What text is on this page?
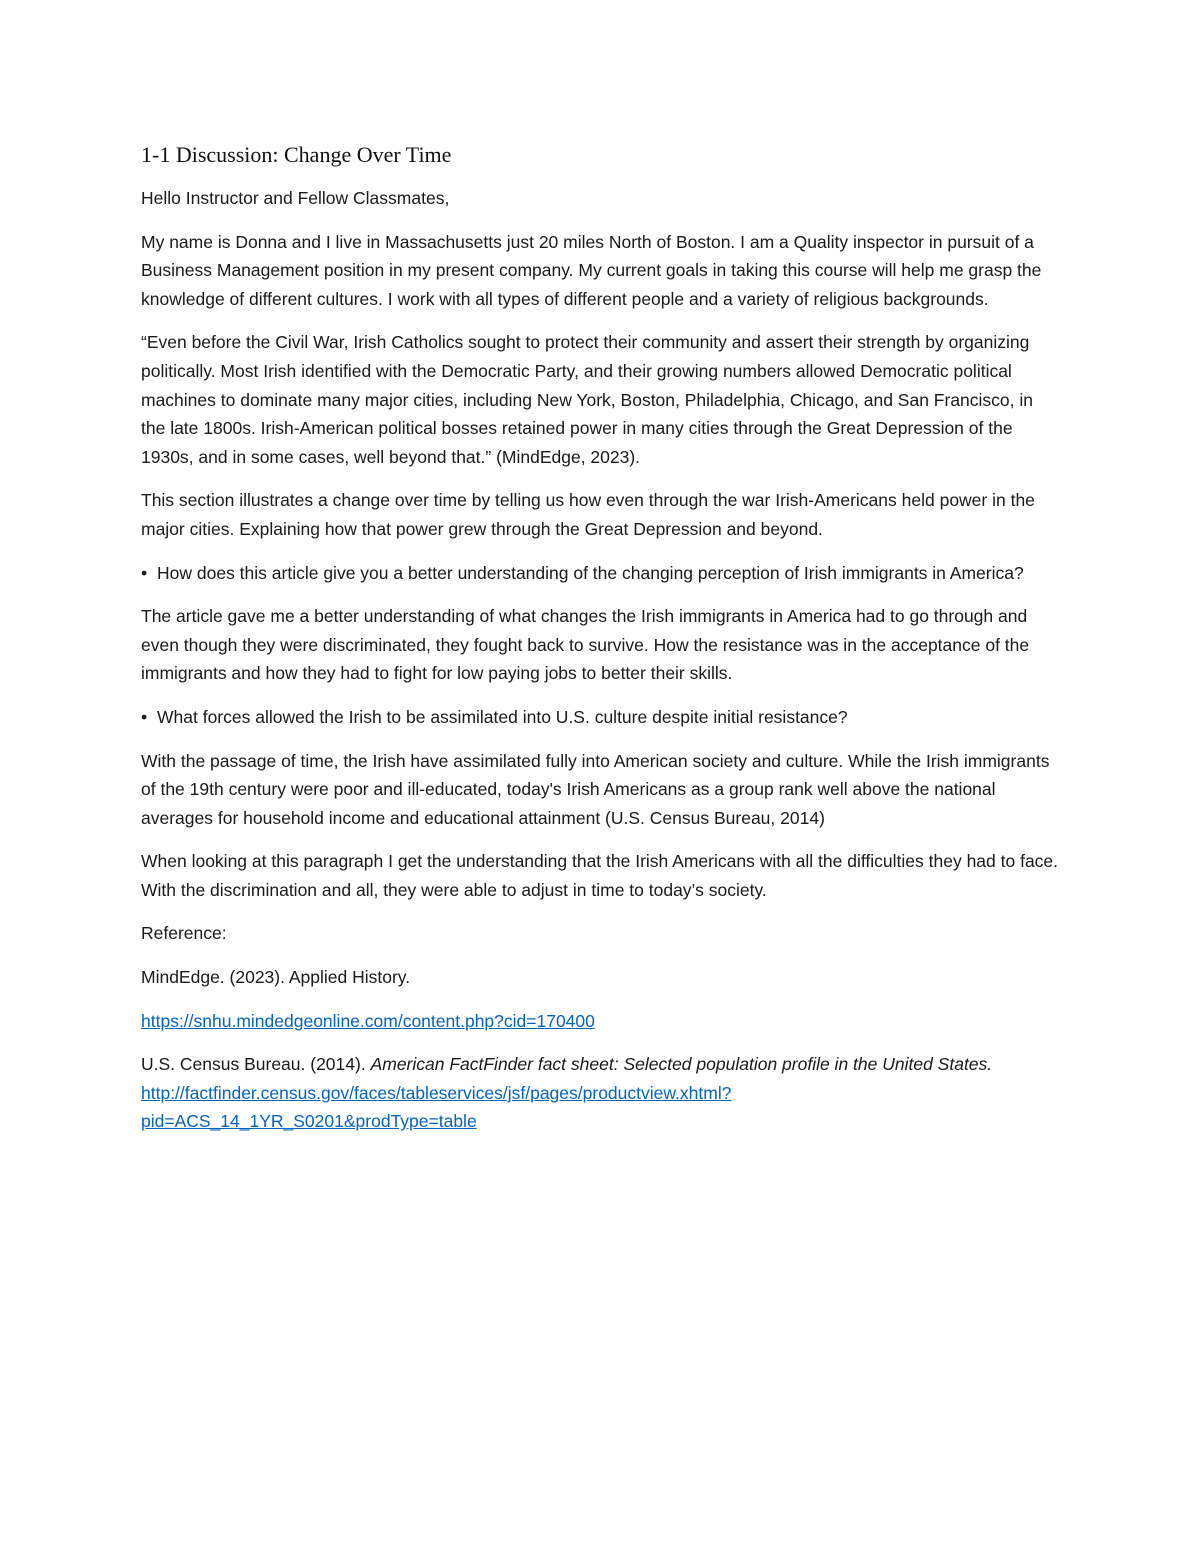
1-1 Discussion: Change Over Time

Hello Instructor and Fellow Classmates,

My name is Donna and I live in Massachusetts just 20 miles North of Boston. I am a Quality inspector in pursuit of a Business Management position in my present company. My current goals in taking this course will help me grasp the knowledge of different cultures. I work with all types of different people and a variety of religious backgrounds.

“Even before the Civil War, Irish Catholics sought to protect their community and assert their strength by organizing politically. Most Irish identified with the Democratic Party, and their growing numbers allowed Democratic political machines to dominate many major cities, including New York, Boston, Philadelphia, Chicago, and San Francisco, in the late 1800s. Irish-American political bosses retained power in many cities through the Great Depression of the 1930s, and in some cases, well beyond that.” (MindEdge, 2023).

This section illustrates a change over time by telling us how even through the war Irish-Americans held power in the major cities. Explaining how that power grew through the Great Depression and beyond.

• How does this article give you a better understanding of the changing perception of Irish immigrants in America?

The article gave me a better understanding of what changes the Irish immigrants in America had to go through and even though they were discriminated, they fought back to survive. How the resistance was in the acceptance of the immigrants and how they had to fight for low paying jobs to better their skills.

• What forces allowed the Irish to be assimilated into U.S. culture despite initial resistance?

With the passage of time, the Irish have assimilated fully into American society and culture. While the Irish immigrants of the 19th century were poor and ill-educated, today's Irish Americans as a group rank well above the national averages for household income and educational attainment (U.S. Census Bureau, 2014)

When looking at this paragraph I get the understanding that the Irish Americans with all the difficulties they had to face. With the discrimination and all, they were able to adjust in time to today’s society.

Reference:

MindEdge. (2023). Applied History.

https://snhu.mindedgeonline.com/content.php?cid=170400

U.S. Census Bureau. (2014). American FactFinder fact sheet: Selected population profile in the United States. http://factfinder.census.gov/faces/tableservices/jsf/pages/productview.xhtml?
pid=ACS_14_1YR_S0201&prodType=table
